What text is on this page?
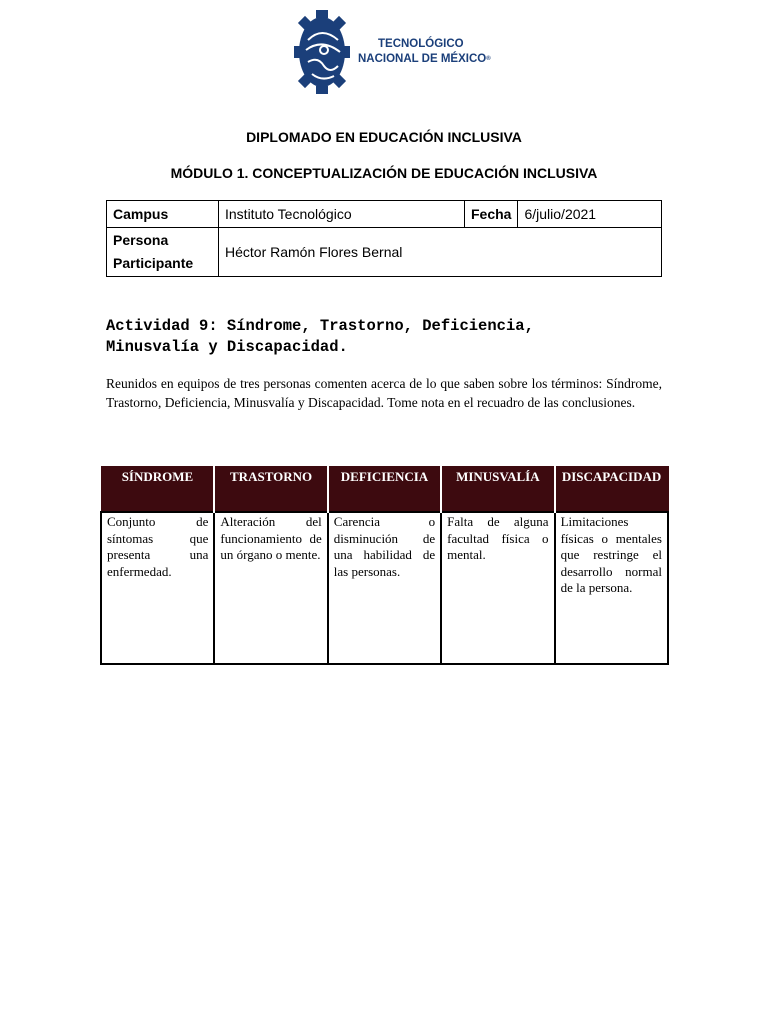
TECNOLÓGICO
NACIONAL DE MÉXICO®
DIPLOMADO EN EDUCACIÓN INCLUSIVA
MÓDULO 1. CONCEPTUALIZACIÓN DE EDUCACIÓN INCLUSIVA
Campus	Instituto Tecnológico	Fecha	6/julio/2021
Persona
Participante	Héctor Ramón Flores Bernal		
Actividad 9: Síndrome, Trastorno, Deficiencia,
Minusvalía y Discapacidad.
Reunidos en equipos de tres personas comenten acerca de lo que saben sobre los términos: Síndrome, Trastorno, Deficiencia, Minusvalía y Discapacidad. Tome nota en el recuadro de las conclusiones.
SÍNDROME	TRASTORNO	DEFICIENCIA	MINUSVALÍA	DISCAPACIDAD
Conjunto de síntomas que presenta una enfermedad.	Alteración del funcionamiento de un órgano o mente.	Carencia o disminución de una habilidad de las personas.	Falta de alguna facultad física o mental.	Limitaciones físicas o mentales que restringe el desarrollo normal de la persona.
